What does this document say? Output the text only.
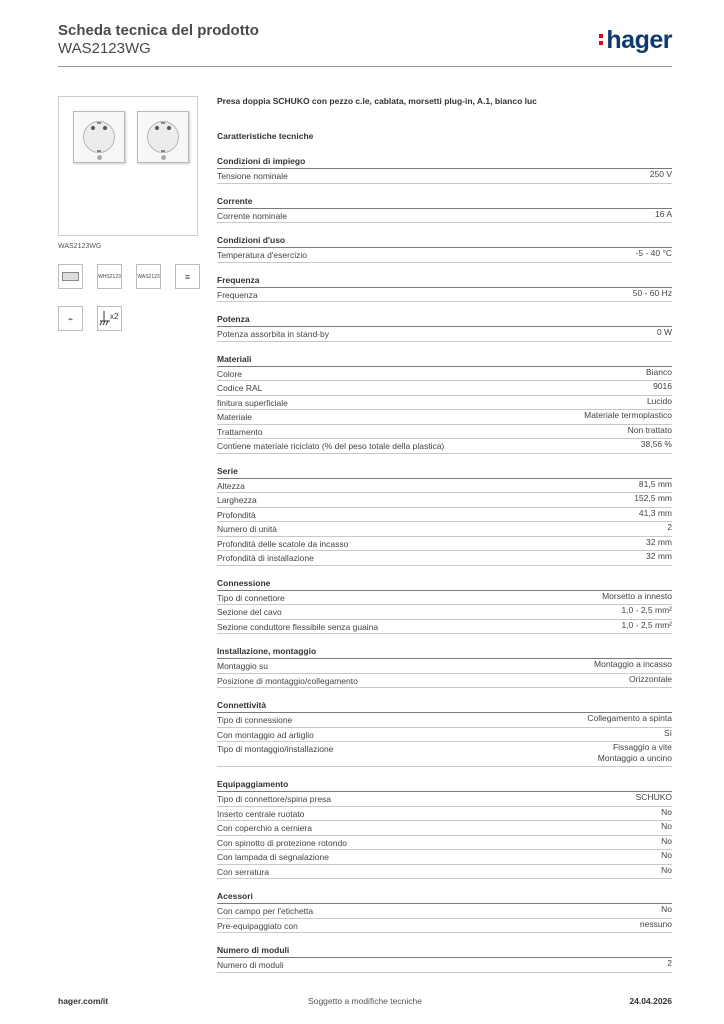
Scheda tecnica del prodotto
WAS2123WG	hager
WAS2123WG
WHS2123	WAS2123	≡
⌁	x2
Presa doppia SCHUKO con pezzo c.le, cablata, morsetti plug-in, A.1, bianco luc
Caratteristiche tecniche
Condizioni di impiego
Tensione nominale	250 V
Corrente
Corrente nominale	16 A
Condizioni d'uso
Temperatura d'esercizio	-5 - 40 °C
Frequenza
Frequenza	50 - 60 Hz
Potenza
Potenza assorbita in stand-by	0 W
Materiali
Colore	Bianco
Codice RAL	9016
finitura superficiale	Lucido
Materiale	Materiale termoplastico
Trattamento	Non trattato
Contiene materiale riciclato (% del peso totale della plastica)	38,56 %
Serie
Altezza	81,5 mm
Larghezza	152,5 mm
Profondità	41,3 mm
Numero di unità	2
Profondità delle scatole da incasso	32 mm
Profondità di installazione	32 mm
Connessione
Tipo di connettore	Morsetto a innesto
Sezione del cavo	1,0 - 2,5 mm²
Sezione conduttore flessibile senza guaina	1,0 - 2,5 mm²
Installazione, montaggio
Montaggio su	Montaggio a incasso
Posizione di montaggio/collegamento	Orizzontale
Connettività
Tipo di connessione	Collegamento a spinta
Con montaggio ad artiglio	Sì
Tipo di montaggio/installazione	Fissaggio a vite
Montaggio a uncino
Equipaggiamento
Tipo di connettore/spina presa	SCHUKO
Inserto centrale ruotato	No
Con coperchio a cerniera	No
Con spinotto di protezione rotondo	No
Con lampada di segnalazione	No
Con serratura	No
Acessori
Con campo per l'etichetta	No
Pre-equipaggiato con	nessuno
Numero di moduli
Numero di moduli	2
Soggetto a modifiche tecniche
hager.com/it	24.04.2026
